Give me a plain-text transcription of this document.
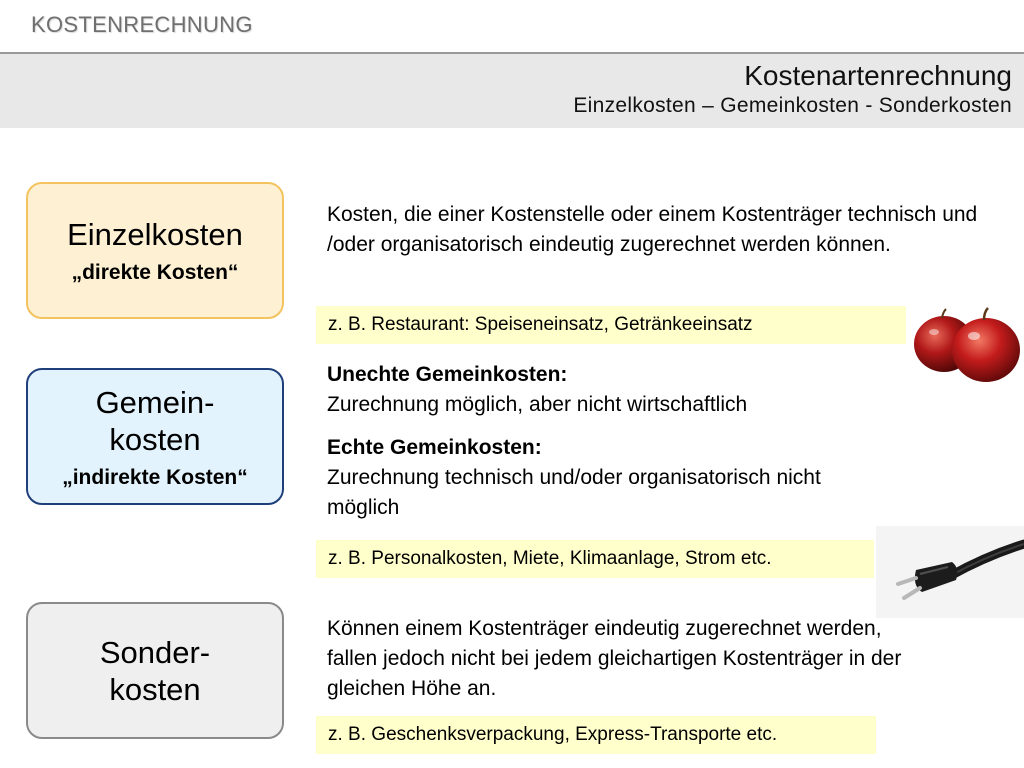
KOSTENRECHNUNG
Kostenartenrechnung
Einzelkosten – Gemeinkosten - Sonderkosten
Einzelkosten
„direkte Kosten“
Kosten, die einer Kostenstelle oder einem Kostenträger technisch und /oder organisatorisch eindeutig zugerechnet werden können.
z. B. Restaurant: Speiseneinsatz, Getränkeeinsatz
Gemein-
kosten
„indirekte Kosten“
Unechte Gemeinkosten:
Zurechnung möglich, aber nicht wirtschaftlich
Echte Gemeinkosten:
Zurechnung technisch und/oder organisatorisch nicht möglich
z. B. Personalkosten, Miete, Klimaanlage, Strom etc.
Sonder-
kosten
Können einem Kostenträger eindeutig zugerechnet werden, fallen jedoch nicht bei jedem gleichartigen Kostenträger in der gleichen Höhe an.
z. B. Geschenksverpackung, Express-Transporte etc.
